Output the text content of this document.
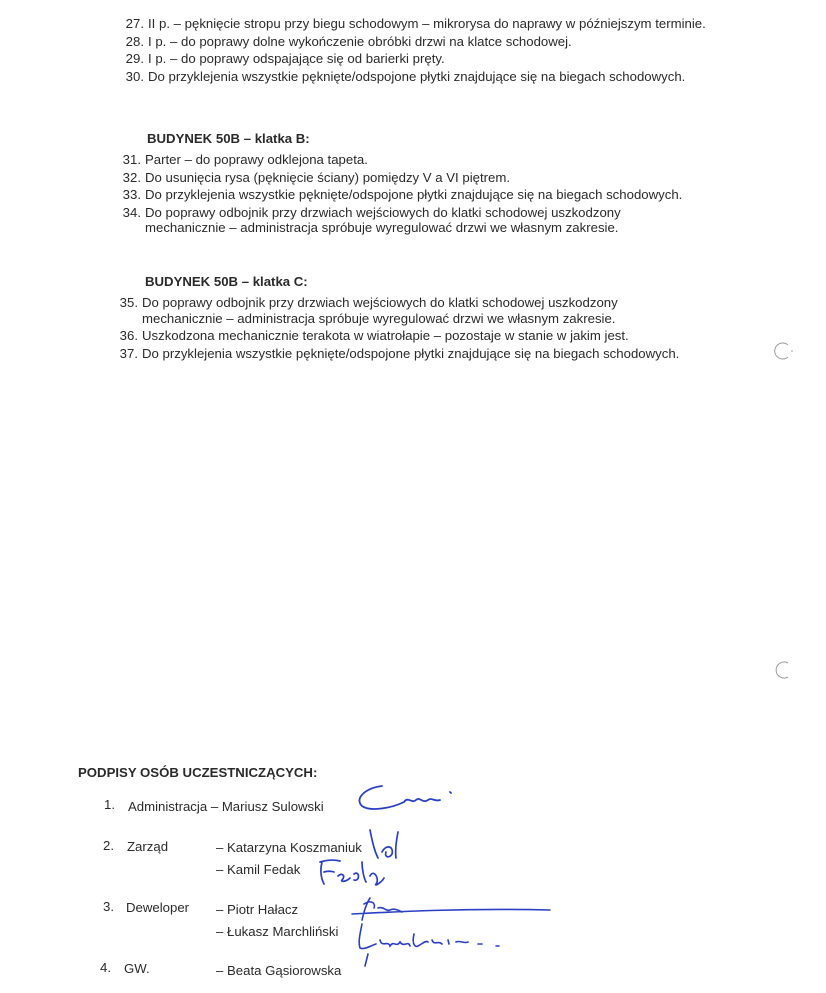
27. II p. – pęknięcie stropu przy biegu schodowym – mikrorysa do naprawy w późniejszym terminie.
28. I p. – do poprawy dolne wykończenie obróbki drzwi na klatce schodowej.
29. I p. – do poprawy odspajające się od barierki pręty.
30. Do przyklejenia wszystkie pęknięte/odspojone płytki znajdujące się na biegach schodowych.
BUDYNEK 50B – klatka B:
31. Parter – do poprawy odklejona tapeta.
32. Do usunięcia rysa (pęknięcie ściany) pomiędzy V a VI piętrem.
33. Do przyklejenia wszystkie pęknięte/odspojone płytki znajdujące się na biegach schodowych.
34. Do poprawy odbojnik przy drzwiach wejściowych do klatki schodowej uszkodzony mechanicznie – administracja spróbuje wyregulować drzwi we własnym zakresie.
BUDYNEK 50B – klatka C:
35. Do poprawy odbojnik przy drzwiach wejściowych do klatki schodowej uszkodzony mechanicznie – administracja spróbuje wyregulować drzwi we własnym zakresie.
36. Uszkodzona mechanicznie terakota w wiatrołapie – pozostaje w stanie w jakim jest.
37. Do przyklejenia wszystkie pęknięte/odspojone płytki znajdujące się na biegach schodowych.
PODPISY OSÓB UCZESTNICZĄCYCH:
1. Administracja – Mariusz Sulowski
2. Zarząd	– Katarzyna Koszmaniuk
– Kamil Fedak
3. Deweloper – Piotr Hałacz
– Łukasz Marchliński
4. GW.	– Beata Gąsiorowska
